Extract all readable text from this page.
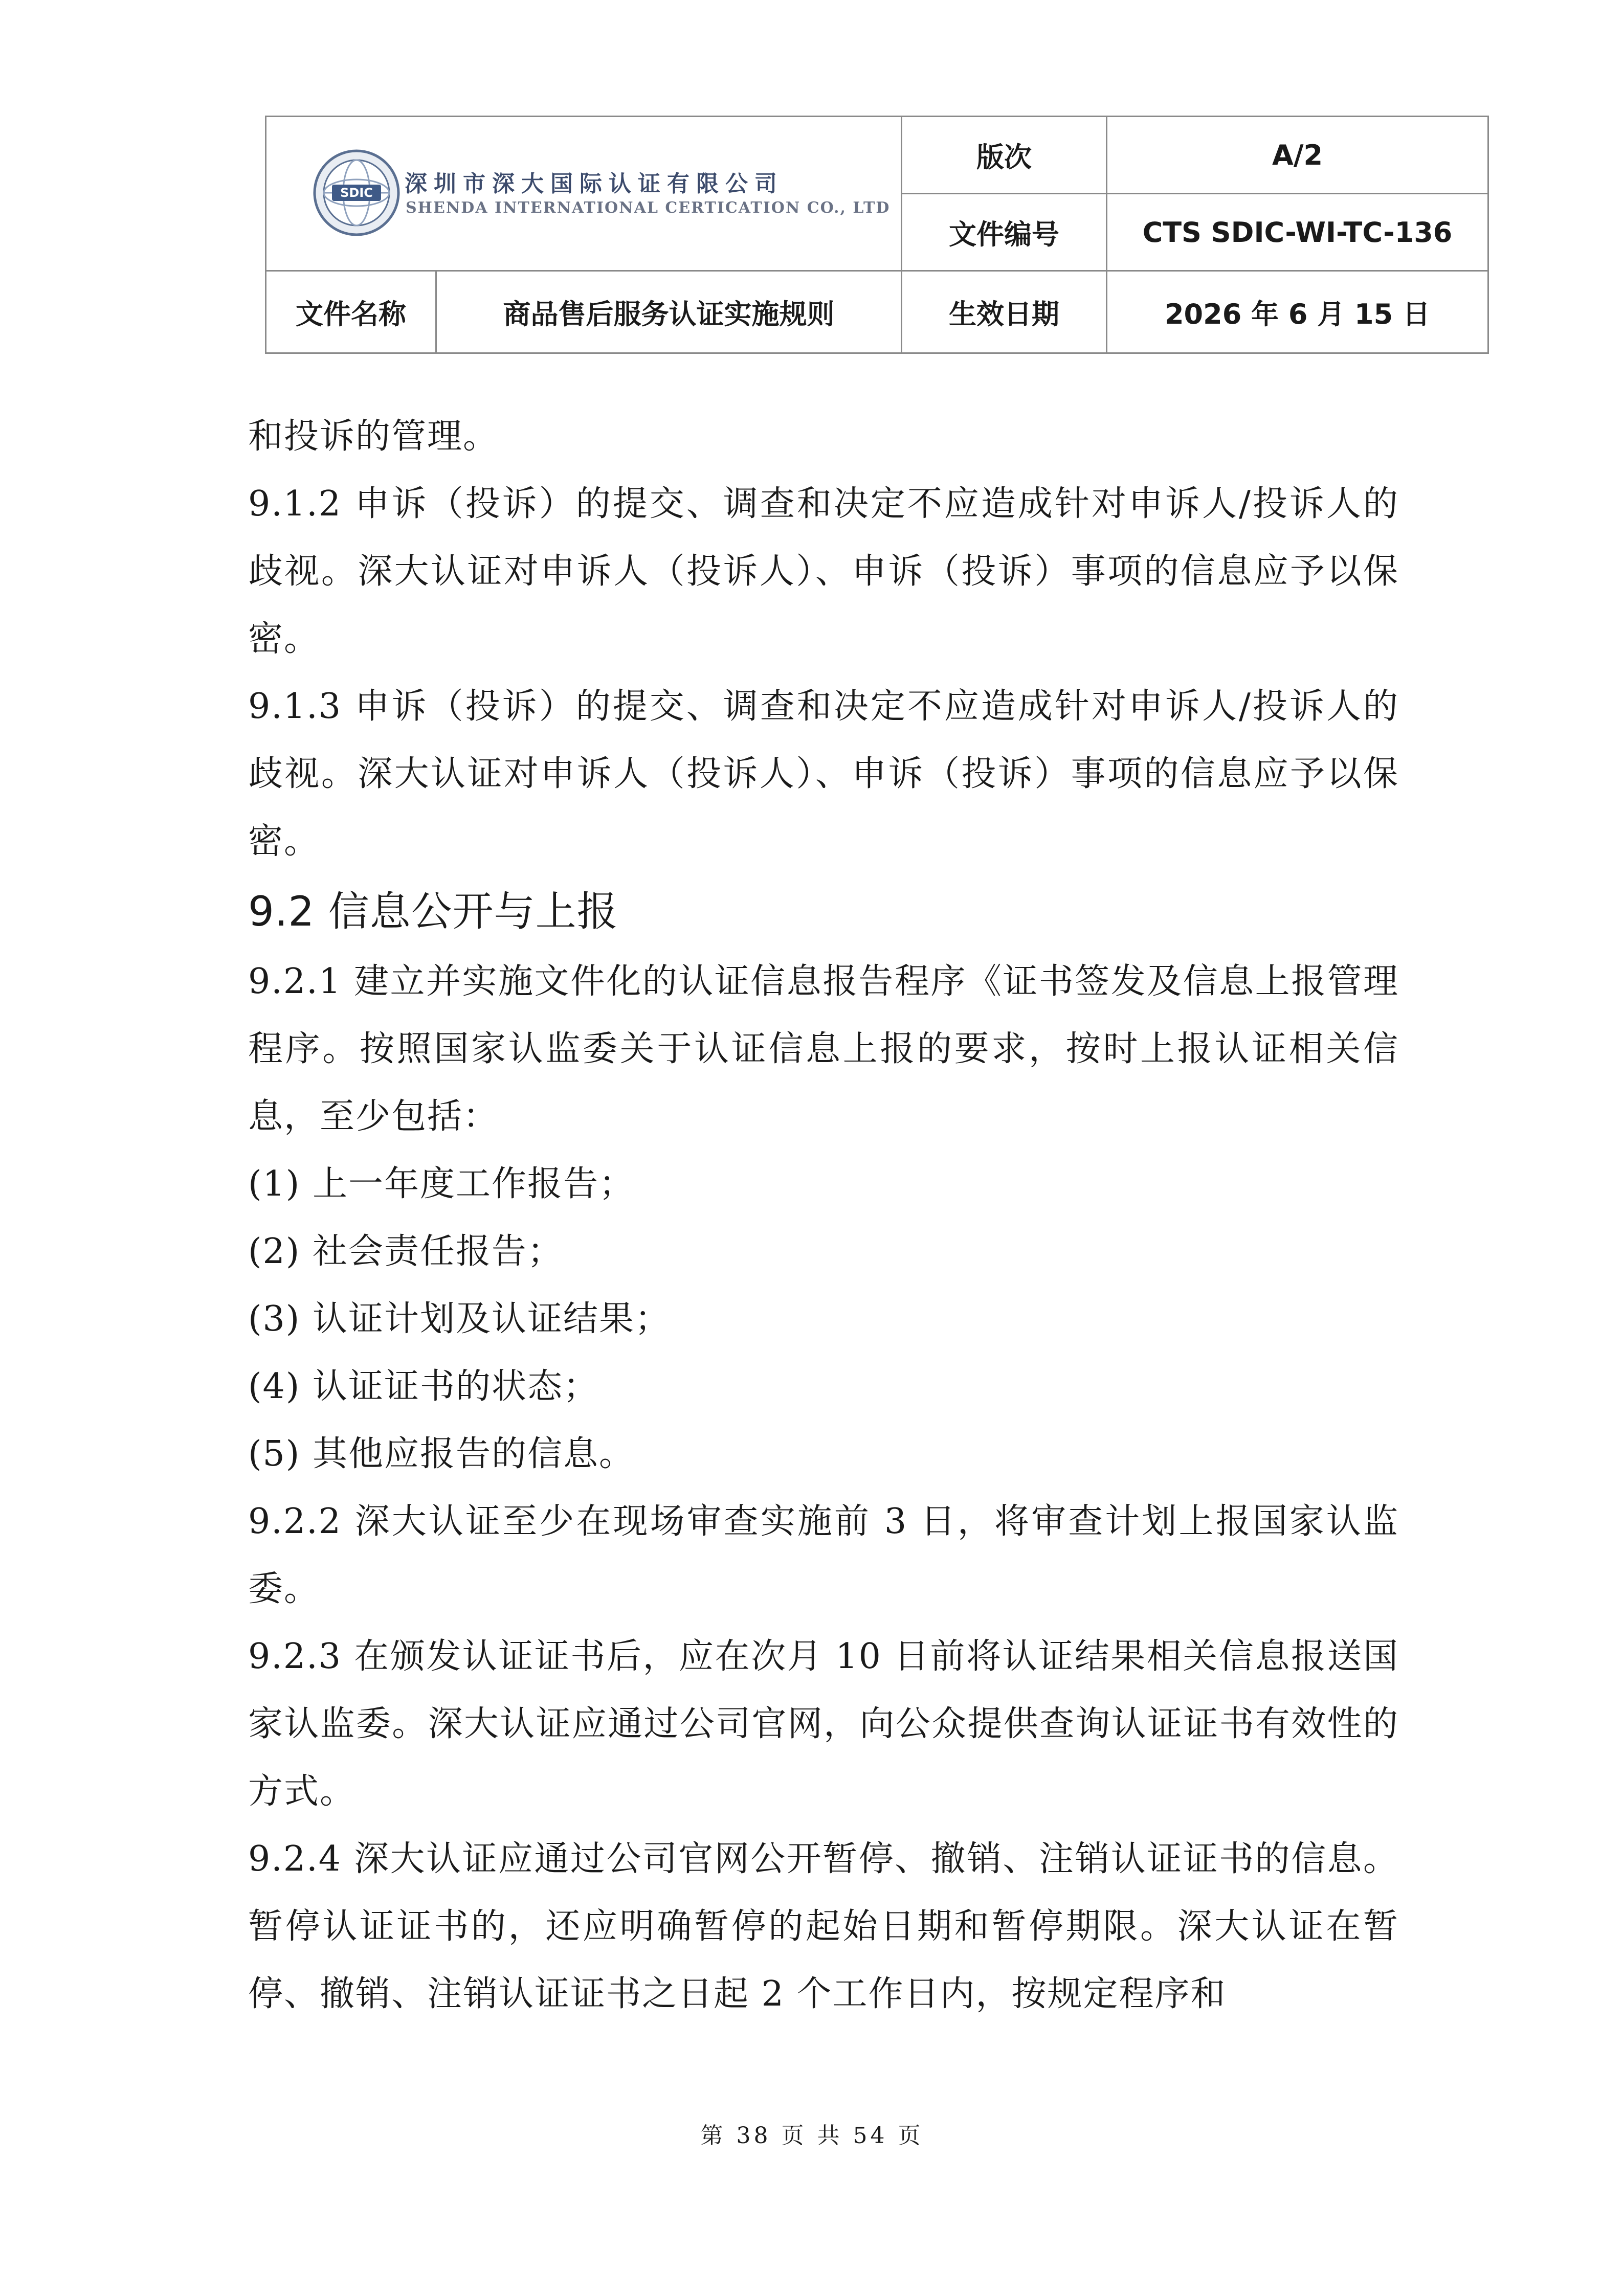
SDIC 深圳市深大国际认证有限公司
SHENDA INTERNATIONAL CERTICATION CO., LTD		版次	A/2
		文件编号	CTS SDIC-WI-TC-136
文件名称	商品售后服务认证实施规则	生效日期	2026 年 6 月 15 日

和投诉的管理。

9.1.2 申诉（投诉）的提交、调查和决定不应造成针对申诉人/投诉人的歧视。深大认证对申诉人（投诉人）、申诉（投诉）事项的信息应予以保密。

9.1.3 申诉（投诉）的提交、调查和决定不应造成针对申诉人/投诉人的歧视。深大认证对申诉人（投诉人）、申诉（投诉）事项的信息应予以保密。

9.2 信息公开与上报

9.2.1 建立并实施文件化的认证信息报告程序《证书签发及信息上报管理程序。按照国家认监委关于认证信息上报的要求，按时上报认证相关信息，至少包括：

(1) 上一年度工作报告；

(2) 社会责任报告；

(3) 认证计划及认证结果；

(4) 认证证书的状态；

(5) 其他应报告的信息。

9.2.2 深大认证至少在现场审查实施前 3 日，将审查计划上报国家认监委。

9.2.3 在颁发认证证书后，应在次月 10 日前将认证结果相关信息报送国家认监委。深大认证应通过公司官网，向公众提供查询认证证书有效性的方式。

9.2.4 深大认证应通过公司官网公开暂停、撤销、注销认证证书的信息。暂停认证证书的，还应明确暂停的起始日期和暂停期限。深大认证在暂停、撤销、注销认证证书之日起 2 个工作日内，按规定程序和

第 38 页 共 54 页
